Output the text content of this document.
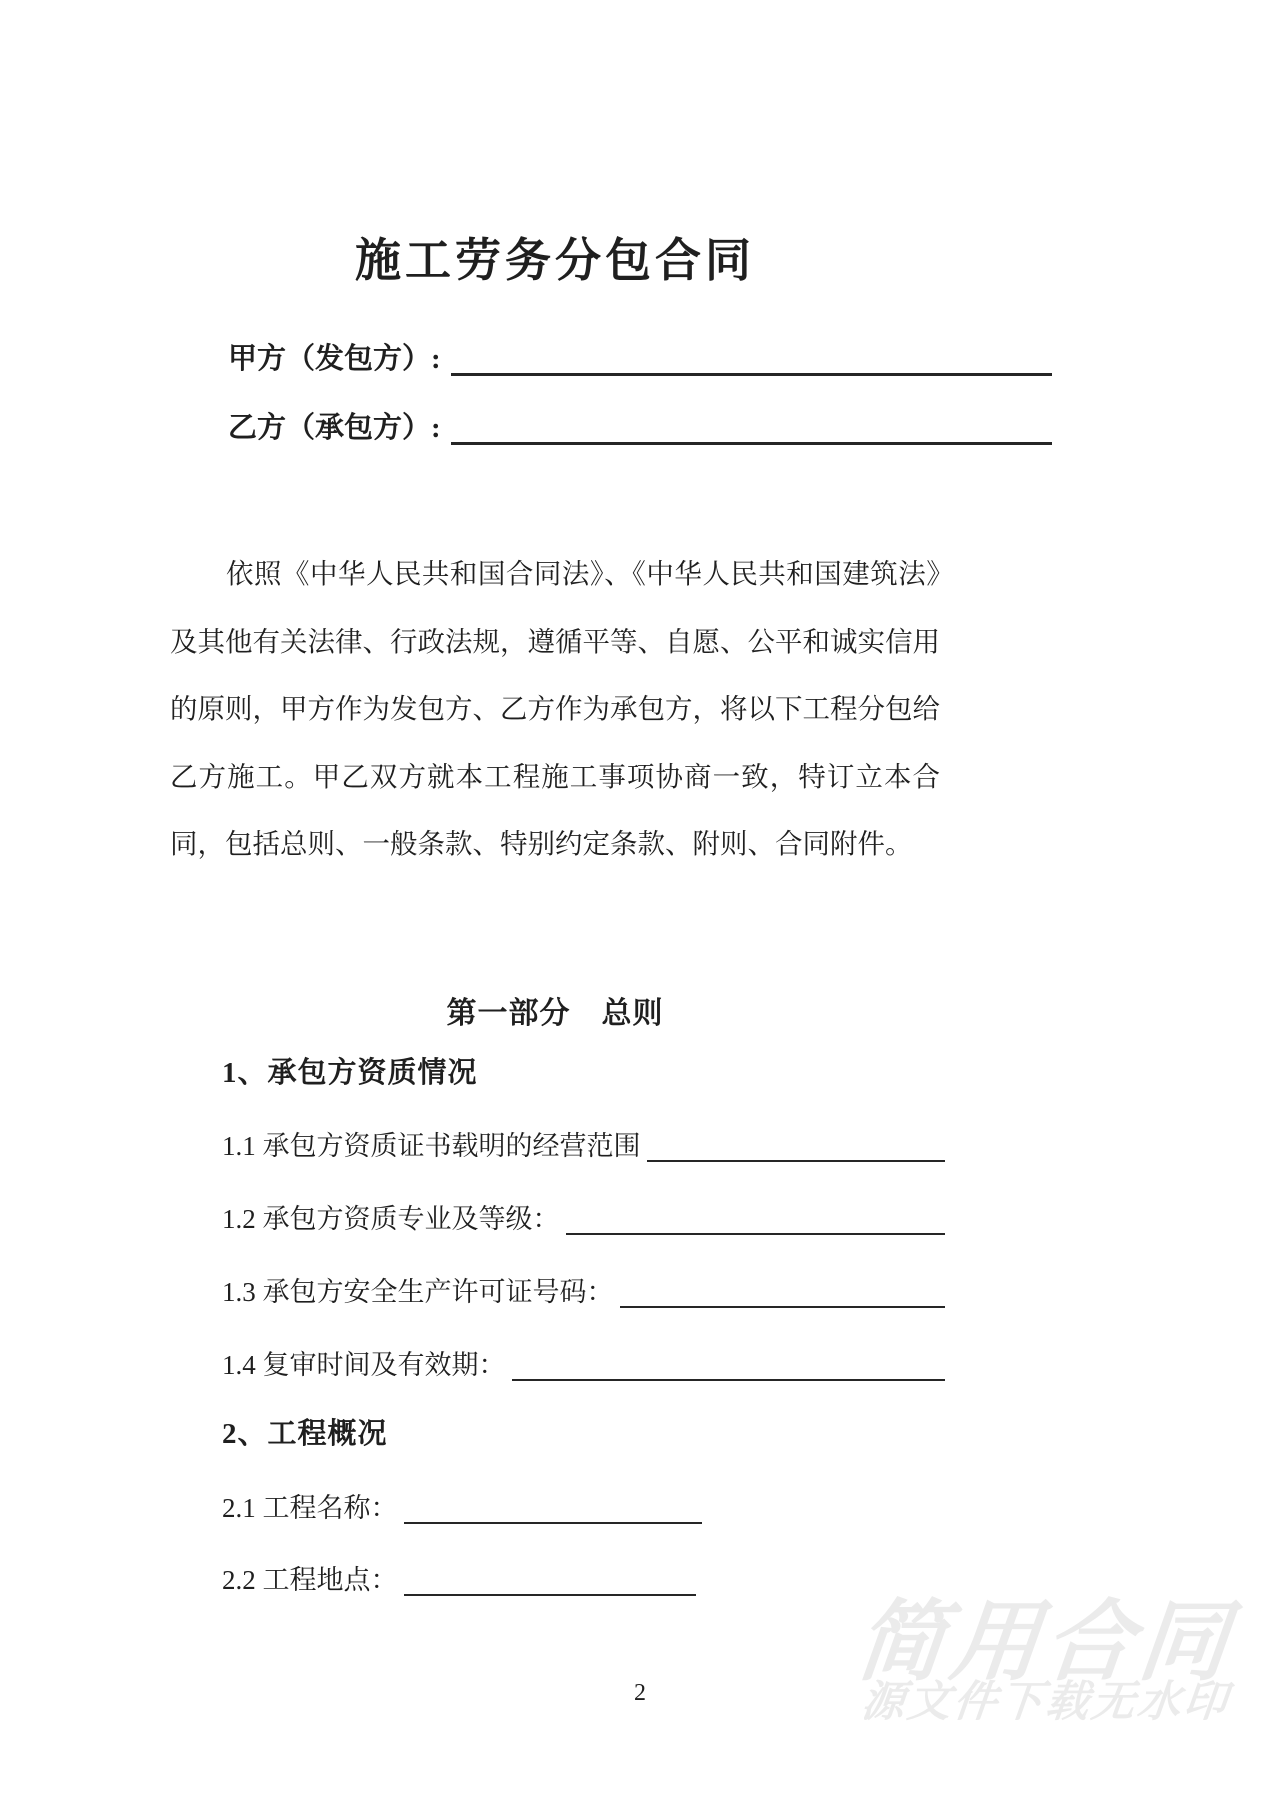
施工劳务分包合同
甲方（发包方）:
乙方（承包方）:
依照《中华人民共和国合同法》、《中华人民共和国建筑法》及其他有关法律、行政法规，遵循平等、自愿、公平和诚实信用的原则，甲方作为发包方、乙方作为承包方，将以下工程分包给乙方施工。甲乙双方就本工程施工事项协商一致，特订立本合同，包括总则、一般条款、特别约定条款、附则、合同附件。
第一部分　总则
1、承包方资质情况
1.1 承包方资质证书载明的经营范围
1.2 承包方资质专业及等级：
1.3 承包方安全生产许可证号码：
1.4 复审时间及有效期：
2、工程概况
2.1 工程名称：
2.2 工程地点：
简用合同
源文件下载无水印
2
